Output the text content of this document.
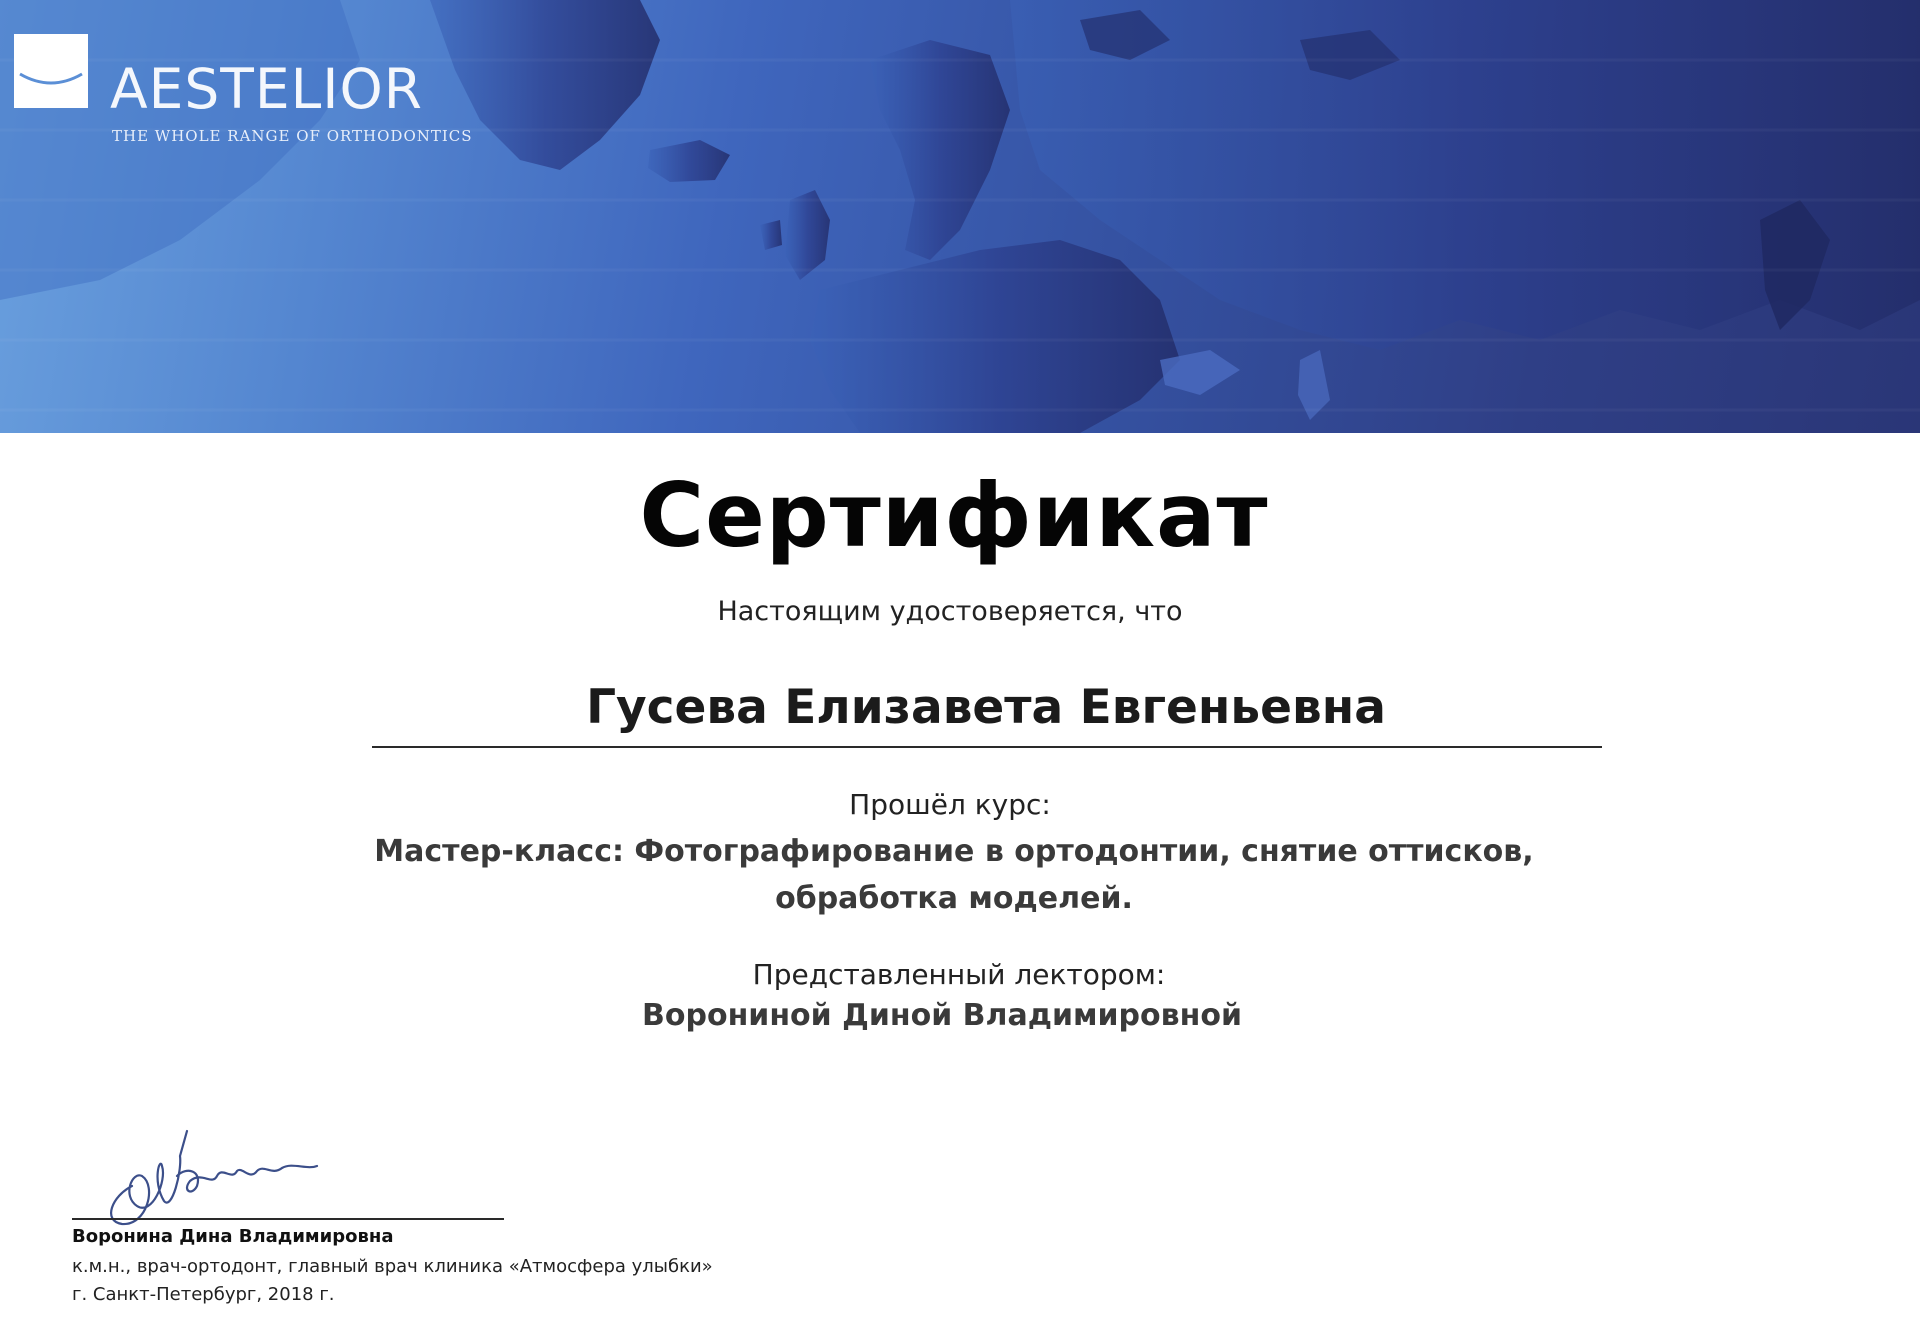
AESTELIOR
THE WHOLE RANGE OF ORTHODONTICS
Сертификат
Настоящим удостоверяется, что
Гусева Елизавета Евгеньевна
Прошёл курс:
Мастер-класс: Фотографирование в ортодонтии, снятие оттисков,
обработка моделей.
Представленный лектором:
Ворониной Диной Владимировной
Воронина Дина Владимировна
к.м.н., врач-ортодонт, главный врач клиника «Атмосфера улыбки»
г. Санкт-Петербург, 2018 г.
